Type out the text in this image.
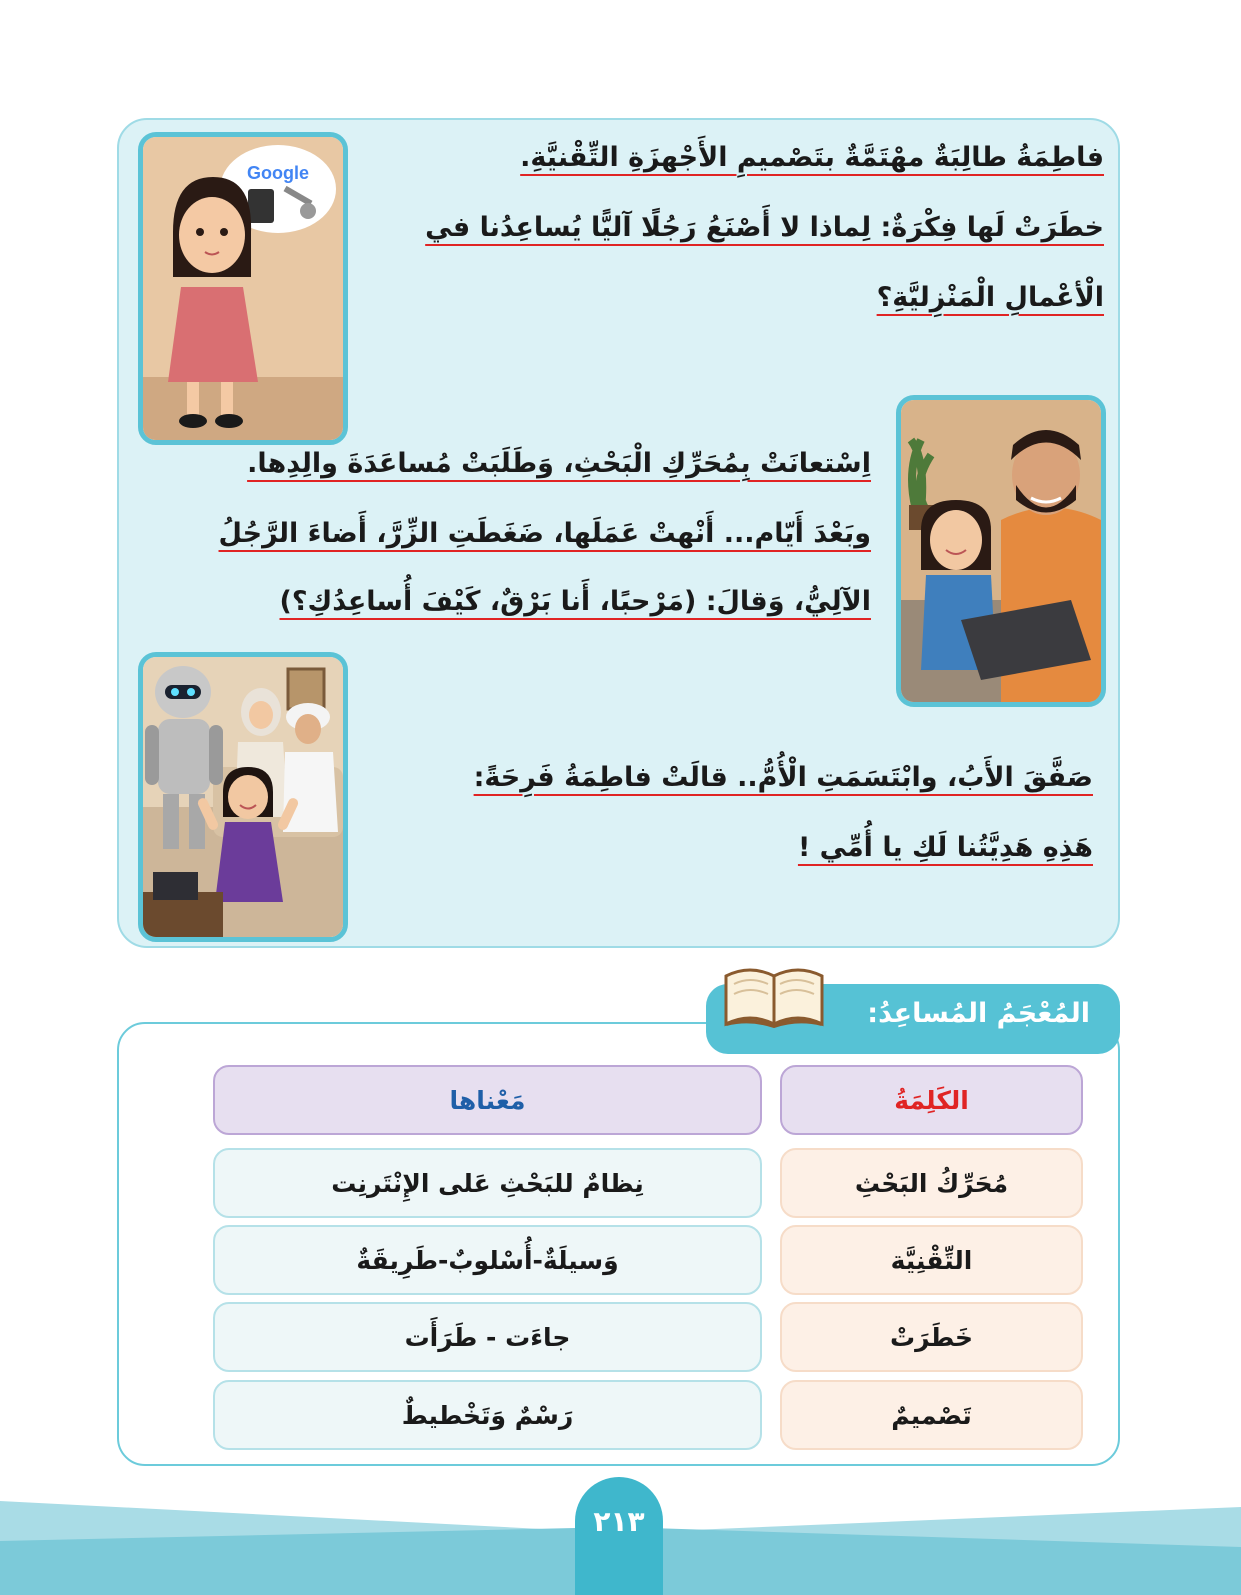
فاطِمَةُ طالِبَةٌ مهْتَمَّةٌ بتَصْميمِ الأَجْهزَةِ التِّقْنيَّةِ.
خطَرَتْ لَها فِكْرَةٌ: لِماذا لا أَصْنَعُ رَجُلًا آليًّا يُساعِدُنا في
الْأعْمالِ الْمَنْزِليَّةِ؟
اِسْتعانَتْ بِمُحَرِّكِ الْبَحْثِ، وَطَلَبَتْ مُساعَدَةَ والِدِها.
وبَعْدَ أَيّام... أَنْهتْ عَمَلَها، ضَغَطَتِ الزِّرَّ، أَضاءَ الرَّجُلُ
الآلِيُّ، وَقالَ: (مَرْحبًا، أَنا بَرْقٌ، كَيْفَ أُساعِدُكِ؟)
صَفَّقَ الأَبُ، وابْتَسَمَتِ الْأُمُّ.. قالَتْ فاطِمَةُ فَرِحَةً:
هَذِهِ هَدِيَّتُنا لَكِ يا أُمِّي !
Google
المُعْجَمُ المُساعِدُ:
الكَلِمَةُ
مَعْناها
مُحَرِّكُ البَحْثِ
نِظامٌ للبَحْثِ عَلى الإِنْتَرنِت
التِّقْنِيَّة
وَسيلَةٌ-أُسْلوبٌ-طَرِيقَةٌ
خَطَرَتْ
جاءَت - طَرَأَت
تَصْميمٌ
رَسْمٌ وَتَخْطيطٌ
٢١٣
